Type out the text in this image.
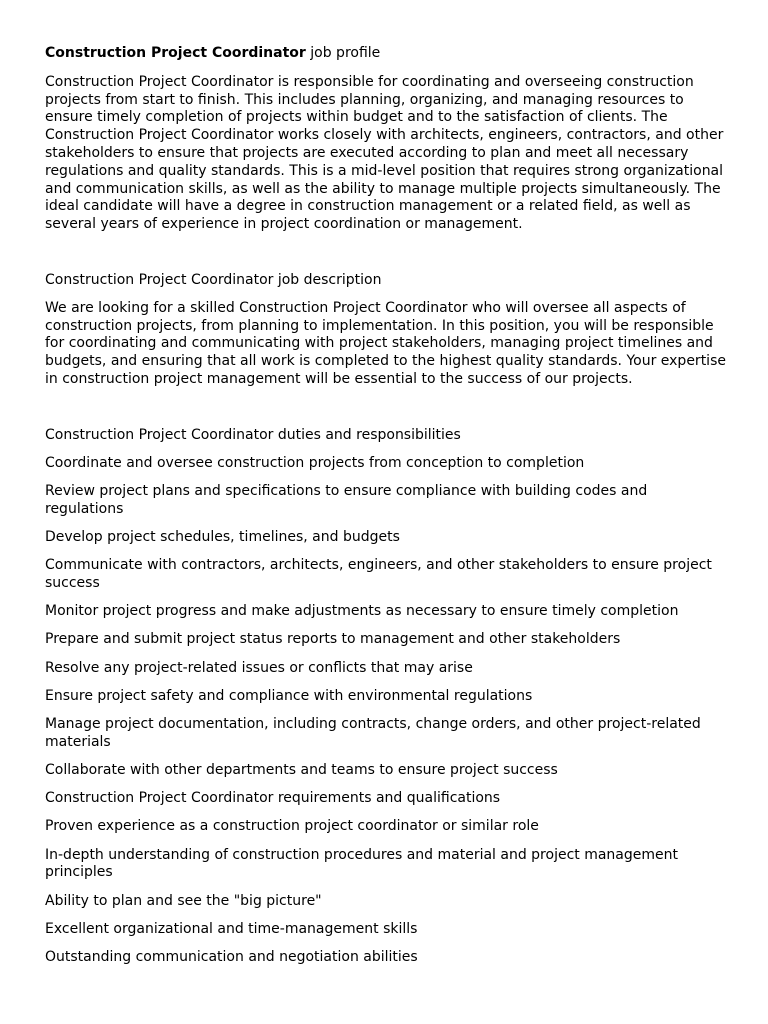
Construction Project Coordinator job profile

Construction Project Coordinator is responsible for coordinating and overseeing construction projects from start to finish. This includes planning, organizing, and managing resources to ensure timely completion of projects within budget and to the satisfaction of clients. The Construction Project Coordinator works closely with architects, engineers, contractors, and other stakeholders to ensure that projects are executed according to plan and meet all necessary regulations and quality standards. This is a mid-level position that requires strong organizational and communication skills, as well as the ability to manage multiple projects simultaneously. The ideal candidate will have a degree in construction management or a related field, as well as several years of experience in project coordination or management.

Construction Project Coordinator job description

We are looking for a skilled Construction Project Coordinator who will oversee all aspects of construction projects, from planning to implementation. In this position, you will be responsible for coordinating and communicating with project stakeholders, managing project timelines and budgets, and ensuring that all work is completed to the highest quality standards. Your expertise in construction project management will be essential to the success of our projects.

Construction Project Coordinator duties and responsibilities

Coordinate and oversee construction projects from conception to completion

Review project plans and specifications to ensure compliance with building codes and regulations

Develop project schedules, timelines, and budgets

Communicate with contractors, architects, engineers, and other stakeholders to ensure project success

Monitor project progress and make adjustments as necessary to ensure timely completion

Prepare and submit project status reports to management and other stakeholders

Resolve any project-related issues or conflicts that may arise

Ensure project safety and compliance with environmental regulations

Manage project documentation, including contracts, change orders, and other project-related materials

Collaborate with other departments and teams to ensure project success

Construction Project Coordinator requirements and qualifications

Proven experience as a construction project coordinator or similar role

In-depth understanding of construction procedures and material and project management principles

Ability to plan and see the "big picture"

Excellent organizational and time-management skills

Outstanding communication and negotiation abilities
